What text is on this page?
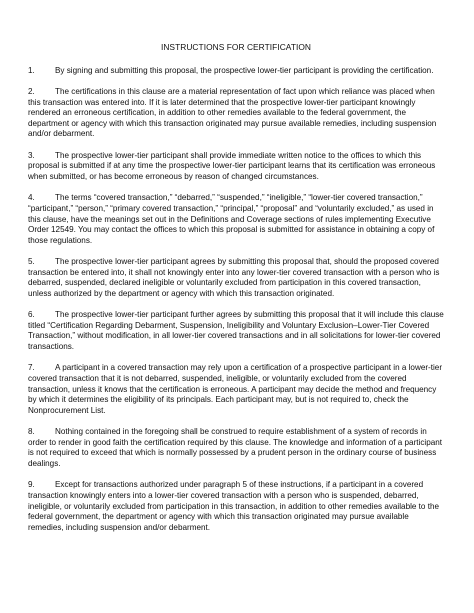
INSTRUCTIONS FOR CERTIFICATION
1. By signing and submitting this proposal, the prospective lower-tier participant is providing the certification.
2. The certifications in this clause are a material representation of fact upon which reliance was placed when this transaction was entered into. If it is later determined that the prospective lower-tier participant knowingly rendered an erroneous certification, in addition to other remedies available to the federal government, the department or agency with which this transaction originated may pursue available remedies, including suspension and/or debarment.
3. The prospective lower-tier participant shall provide immediate written notice to the offices to which this proposal is submitted if at any time the prospective lower-tier participant learns that its certification was erroneous when submitted, or has become erroneous by reason of changed circumstances.
4. The terms “covered transaction,” “debarred,” “suspended,” “ineligible,” “lower-tier covered transaction,” “participant,” “person,” “primary covered transaction,” “principal,” “proposal” and “voluntarily excluded,” as used in this clause, have the meanings set out in the Definitions and Coverage sections of rules implementing Executive Order 12549. You may contact the offices to which this proposal is submitted for assistance in obtaining a copy of those regulations.
5. The prospective lower-tier participant agrees by submitting this proposal that, should the proposed covered transaction be entered into, it shall not knowingly enter into any lower-tier covered transaction with a person who is debarred, suspended, declared ineligible or voluntarily excluded from participation in this covered transaction, unless authorized by the department or agency with which this transaction originated.
6. The prospective lower-tier participant further agrees by submitting this proposal that it will include this clause titled “Certification Regarding Debarment, Suspension, Ineligibility and Voluntary Exclusion–Lower-Tier Covered Transaction,” without modification, in all lower-tier covered transactions and in all solicitations for lower-tier covered transactions.
7. A participant in a covered transaction may rely upon a certification of a prospective participant in a lower-tier covered transaction that it is not debarred, suspended, ineligible, or voluntarily excluded from the covered transaction, unless it knows that the certification is erroneous. A participant may decide the method and frequency by which it determines the eligibility of its principals. Each participant may, but is not required to, check the Nonprocurement List.
8. Nothing contained in the foregoing shall be construed to require establishment of a system of records in order to render in good faith the certification required by this clause. The knowledge and information of a participant is not required to exceed that which is normally possessed by a prudent person in the ordinary course of business dealings.
9. Except for transactions authorized under paragraph 5 of these instructions, if a participant in a covered transaction knowingly enters into a lower-tier covered transaction with a person who is suspended, debarred, ineligible, or voluntarily excluded from participation in this transaction, in addition to other remedies available to the federal government, the department or agency with which this transaction originated may pursue available remedies, including suspension and/or debarment.
